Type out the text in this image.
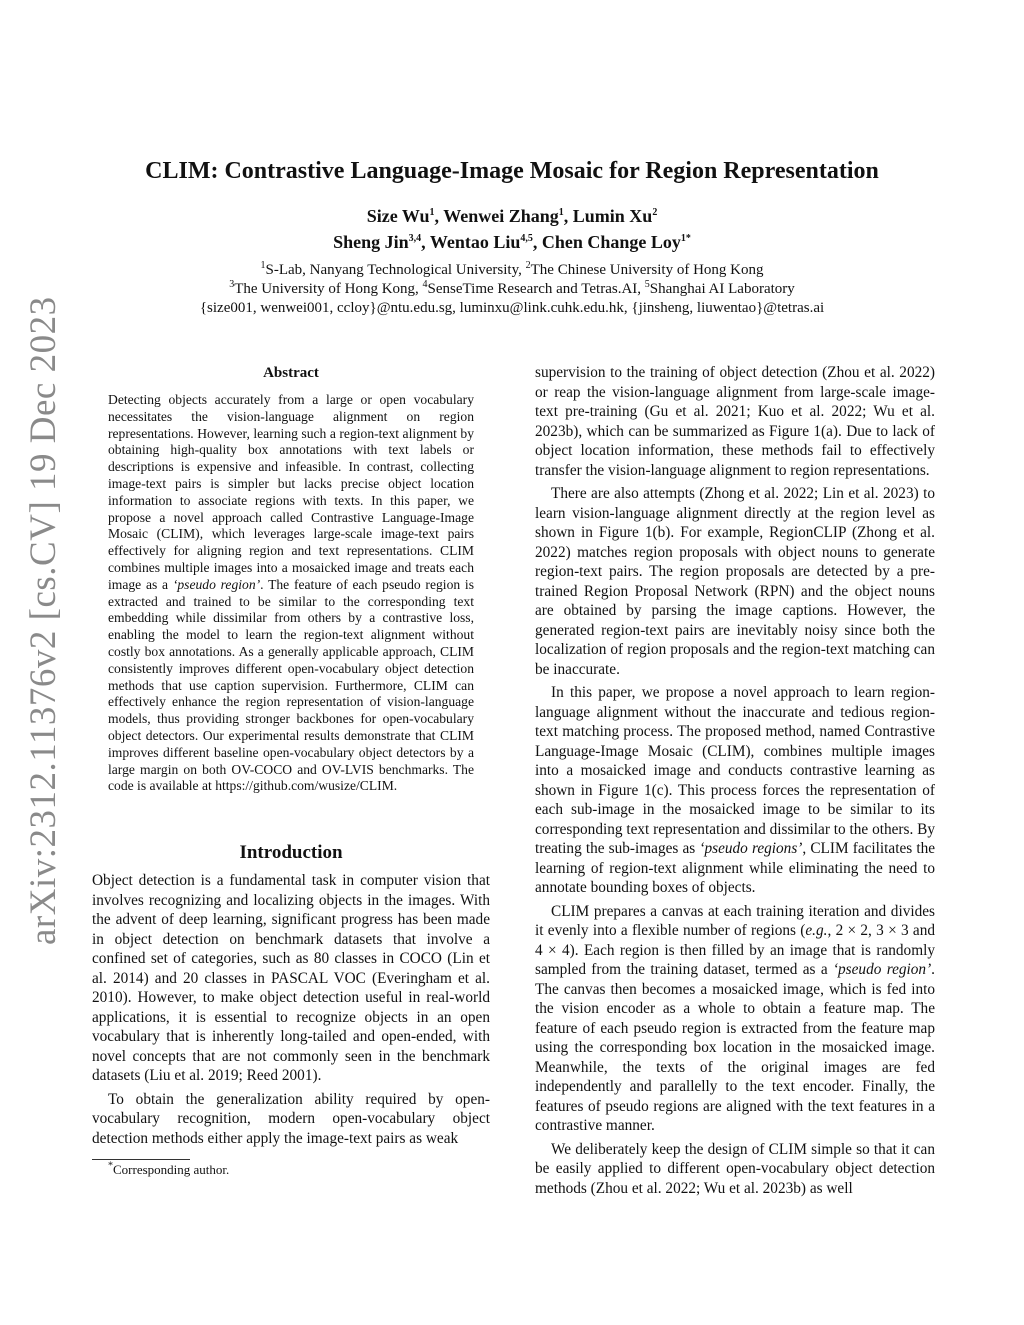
arXiv:2312.11376v2 [cs.CV] 19 Dec 2023
CLIM: Contrastive Language-Image Mosaic for Region Representation
Size Wu$^1$, Wenwei Zhang$^1$, Lumin Xu$^2$
Sheng Jin$^{3,4}$, Wentao Liu$^{4,5}$, Chen Change Loy$^{1*}$
$^1$S-Lab, Nanyang Technological University, $^2$The Chinese University of Hong Kong
$^3$The University of Hong Kong, $^4$SenseTime Research and Tetras.AI, $^5$Shanghai AI Laboratory
{size001, wenwei001, ccloy}@ntu.edu.sg, luminxu@link.cuhk.edu.hk, {jinsheng, liuwentao}@tetras.ai
Abstract
Detecting objects accurately from a large or open vocabulary necessitates the vision-language alignment on region representations. However, learning such a region-text alignment by obtaining high-quality box annotations with text labels or descriptions is expensive and infeasible. In contrast, collecting image-text pairs is simpler but lacks precise object location information to associate regions with texts. In this paper, we propose a novel approach called Contrastive Language-Image Mosaic (CLIM), which leverages large-scale image-text pairs effectively for aligning region and text representations. CLIM combines multiple images into a mosaicked image and treats each image as a ‘pseudo region’. The feature of each pseudo region is extracted and trained to be similar to the corresponding text embedding while dissimilar from others by a contrastive loss, enabling the model to learn the region-text alignment without costly box annotations. As a generally applicable approach, CLIM consistently improves different open-vocabulary object detection methods that use caption supervision. Furthermore, CLIM can effectively enhance the region representation of vision-language models, thus providing stronger backbones for open-vocabulary object detectors. Our experimental results demonstrate that CLIM improves different baseline open-vocabulary object detectors by a large margin on both OV-COCO and OV-LVIS benchmarks. The code is available at https://github.com/wusize/CLIM.
Introduction

Object detection is a fundamental task in computer vision that involves recognizing and localizing objects in the images. With the advent of deep learning, significant progress has been made in object detection on benchmark datasets that involve a confined set of categories, such as 80 classes in COCO (Lin et al. 2014) and 20 classes in PASCAL VOC (Everingham et al. 2010). However, to make object detection useful in real-world applications, it is essential to recognize objects in an open vocabulary that is inherently long-tailed and open-ended, with novel concepts that are not commonly seen in the benchmark datasets (Liu et al. 2019; Reed 2001).

To obtain the generalization ability required by open-vocabulary recognition, modern open-vocabulary object detection methods either apply the image-text pairs as weak

supervision to the training of object detection (Zhou et al. 2022) or reap the vision-language alignment from large-scale image-text pre-training (Gu et al. 2021; Kuo et al. 2022; Wu et al. 2023b), which can be summarized as Figure 1(a). Due to lack of object location information, these methods fail to effectively transfer the vision-language alignment to region representations.

There are also attempts (Zhong et al. 2022; Lin et al. 2023) to learn vision-language alignment directly at the region level as shown in Figure 1(b). For example, RegionCLIP (Zhong et al. 2022) matches region proposals with object nouns to generate region-text pairs. The region proposals are detected by a pre-trained Region Proposal Network (RPN) and the object nouns are obtained by parsing the image captions. However, the generated region-text pairs are inevitably noisy since both the localization of region proposals and the region-text matching can be inaccurate.

In this paper, we propose a novel approach to learn region-language alignment without the inaccurate and tedious region-text matching process. The proposed method, named Contrastive Language-Image Mosaic (CLIM), combines multiple images into a mosaicked image and conducts contrastive learning as shown in Figure 1(c). This process forces the representation of each sub-image in the mosaicked image to be similar to its corresponding text representation and dissimilar to the others. By treating the sub-images as ‘pseudo regions’, CLIM facilitates the learning of region-text alignment while eliminating the need to annotate bounding boxes of objects.

CLIM prepares a canvas at each training iteration and divides it evenly into a flexible number of regions (e.g., 2 × 2, 3 × 3 and 4 × 4). Each region is then filled by an image that is randomly sampled from the training dataset, termed as a ‘pseudo region’. The canvas then becomes a mosaicked image, which is fed into the vision encoder as a whole to obtain a feature map. The feature of each pseudo region is extracted from the feature map using the corresponding box location in the mosaicked image. Meanwhile, the texts of the original images are fed independently and parallelly to the text encoder. Finally, the features of pseudo regions are aligned with the text features in a contrastive manner.

We deliberately keep the design of CLIM simple so that it can be easily applied to different open-vocabulary object detection methods (Zhou et al. 2022; Wu et al. 2023b) as well

*Corresponding author.
